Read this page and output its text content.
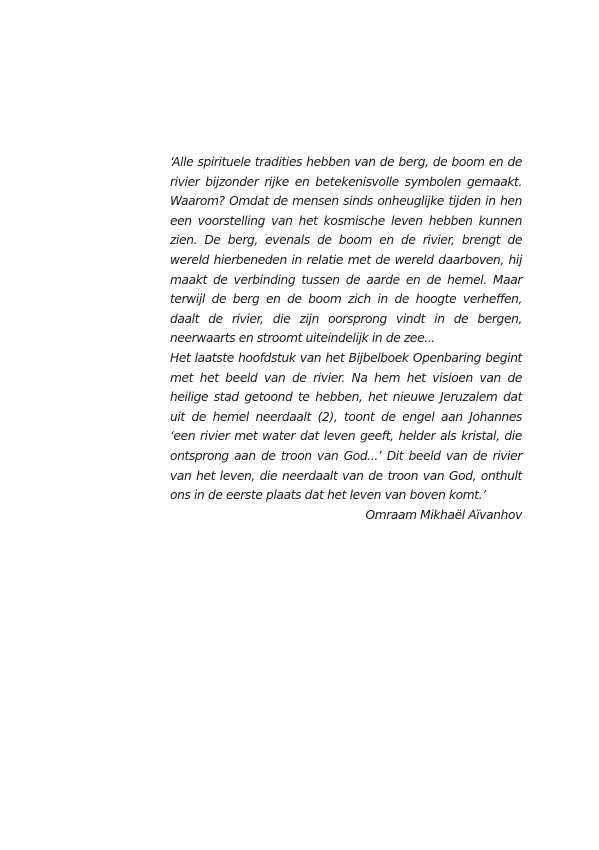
‘Alle spirituele tradities hebben van de berg, de boom en de rivier bijzonder rijke en betekenisvolle symbolen gemaakt. Waarom? Omdat de mensen sinds onheuglijke tijden in hen een voorstelling van het kosmische leven hebben kunnen zien. De berg, evenals de boom en de rivier, brengt de wereld hierbeneden in relatie met de wereld daarboven, hij maakt de verbinding tussen de aarde en de hemel. Maar terwijl de berg en de boom zich in de hoogte verheffen, daalt de rivier, die zijn oorsprong vindt in de bergen, neerwaarts en stroomt uiteindelijk in de zee...

Het laatste hoofdstuk van het Bijbelboek Openbaring begint met het beeld van de rivier. Na hem het visioen van de heilige stad getoond te hebben, het nieuwe Jeruzalem dat uit de hemel neerdaalt (2), toont de engel aan Johannes ‘een rivier met water dat leven geeft, helder als kristal, die ontsprong aan de troon van God...’ Dit beeld van de rivier van het leven, die neerdaalt van de troon van God, onthult ons in de eerste plaats dat het leven van boven komt.’

Omraam Mikhaël Aïvanhov
